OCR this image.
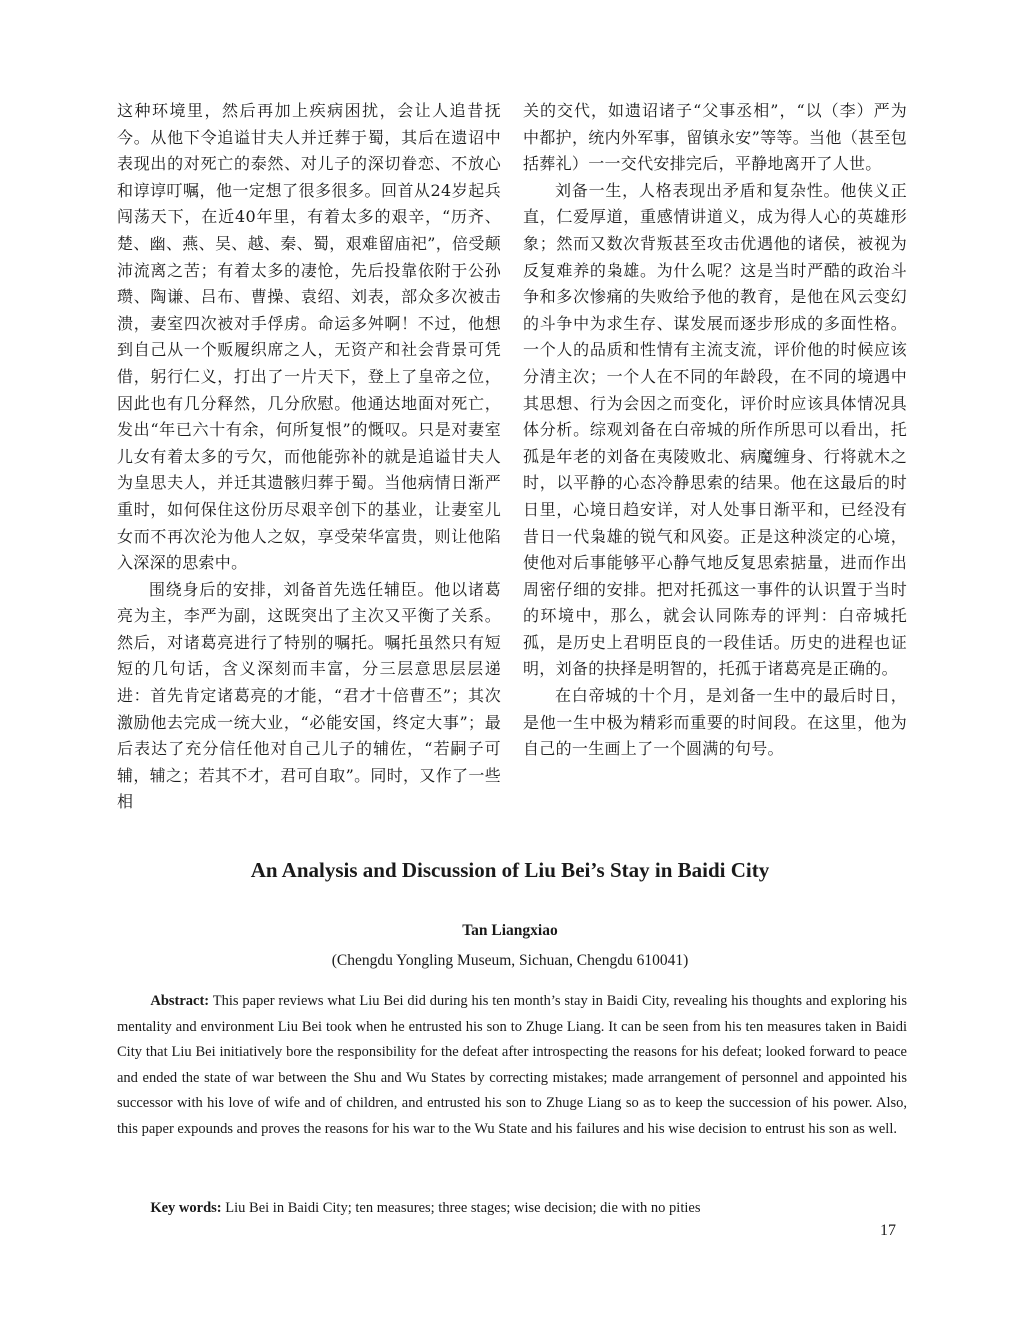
这种环境里，然后再加上疾病困扰，会让人追昔抚今。从他下令追谥甘夫人并迁葬于蜀，其后在遗诏中表现出的对死亡的泰然、对儿子的深切眷恋、不放心和谆谆叮嘱，他一定想了很多很多。回首从24岁起兵闯荡天下，在近40年里，有着太多的艰辛，“历齐、楚、幽、燕、吴、越、秦、蜀，艰难留庙祀”，倍受颠沛流离之苦；有着太多的凄怆，先后投靠依附于公孙瓒、陶谦、吕布、曹操、袁绍、刘表，部众多次被击溃，妻室四次被对手俘虏。命运多舛啊！不过，他想到自己从一个贩履织席之人，无资产和社会背景可凭借，躬行仁义，打出了一片天下，登上了皇帝之位，因此也有几分释然，几分欣慰。他通达地面对死亡，发出“年已六十有余，何所复恨”的慨叹。只是对妻室儿女有着太多的亏欠，而他能弥补的就是追谥甘夫人为皇思夫人，并迁其遗骸归葬于蜀。当他病情日渐严重时，如何保住这份历尽艰辛创下的基业，让妻室儿女而不再次沦为他人之奴，享受荣华富贵，则让他陷入深深的思索中。

围绕身后的安排，刘备首先选任辅臣。他以诸葛亮为主，李严为副，这既突出了主次又平衡了关系。然后，对诸葛亮进行了特别的嘱托。嘱托虽然只有短短的几句话，含义深刻而丰富，分三层意思层层递进：首先肯定诸葛亮的才能，“君才十倍曹丕”；其次激励他去完成一统大业，“必能安国，终定大事”；最后表达了充分信任他对自己儿子的辅佐，“若嗣子可辅，辅之；若其不才，君可自取”。同时，又作了一些相

关的交代，如遗诏诸子“父事丞相”，“以（李）严为中都护，统内外军事，留镇永安”等等。当他（甚至包括葬礼）一一交代安排完后，平静地离开了人世。

刘备一生，人格表现出矛盾和复杂性。他侠义正直，仁爱厚道，重感情讲道义，成为得人心的英雄形象；然而又数次背叛甚至攻击优遇他的诸侯，被视为反复难养的枭雄。为什么呢？这是当时严酷的政治斗争和多次惨痛的失败给予他的教育，是他在风云变幻的斗争中为求生存、谋发展而逐步形成的多面性格。一个人的品质和性情有主流支流，评价他的时候应该分清主次；一个人在不同的年龄段，在不同的境遇中其思想、行为会因之而变化，评价时应该具体情况具体分析。综观刘备在白帝城的所作所思可以看出，托孤是年老的刘备在夷陵败北、病魔缠身、行将就木之时，以平静的心态冷静思索的结果。他在这最后的时日里，心境日趋安详，对人处事日渐平和，已经没有昔日一代枭雄的锐气和风姿。正是这种淡定的心境，使他对后事能够平心静气地反复思索掂量，进而作出周密仔细的安排。把对托孤这一事件的认识置于当时的环境中，那么，就会认同陈寿的评判：白帝城托孤，是历史上君明臣良的一段佳话。历史的进程也证明，刘备的抉择是明智的，托孤于诸葛亮是正确的。

在白帝城的十个月，是刘备一生中的最后时日，是他一生中极为精彩而重要的时间段。在这里，他为自己的一生画上了一个圆满的句号。

An Analysis and Discussion of Liu Bei’s Stay in Baidi City
Tan Liangxiao
(Chengdu Yongling Museum, Sichuan, Chengdu 610041)

Abstract: This paper reviews what Liu Bei did during his ten month’s stay in Baidi City, revealing his thoughts and exploring his mentality and environment Liu Bei took when he entrusted his son to Zhuge Liang. It can be seen from his ten measures taken in Baidi City that Liu Bei initiatively bore the responsibility for the defeat after introspecting the reasons for his defeat; looked forward to peace and ended the state of war between the Shu and Wu States by correcting mistakes; made arrangement of personnel and appointed his successor with his love of wife and of children, and entrusted his son to Zhuge Liang so as to keep the succession of his power. Also, this paper expounds and proves the reasons for his war to the Wu State and his failures and his wise decision to entrust his son as well.

Key words: Liu Bei in Baidi City; ten measures; three stages; wise decision; die with no pities

17
